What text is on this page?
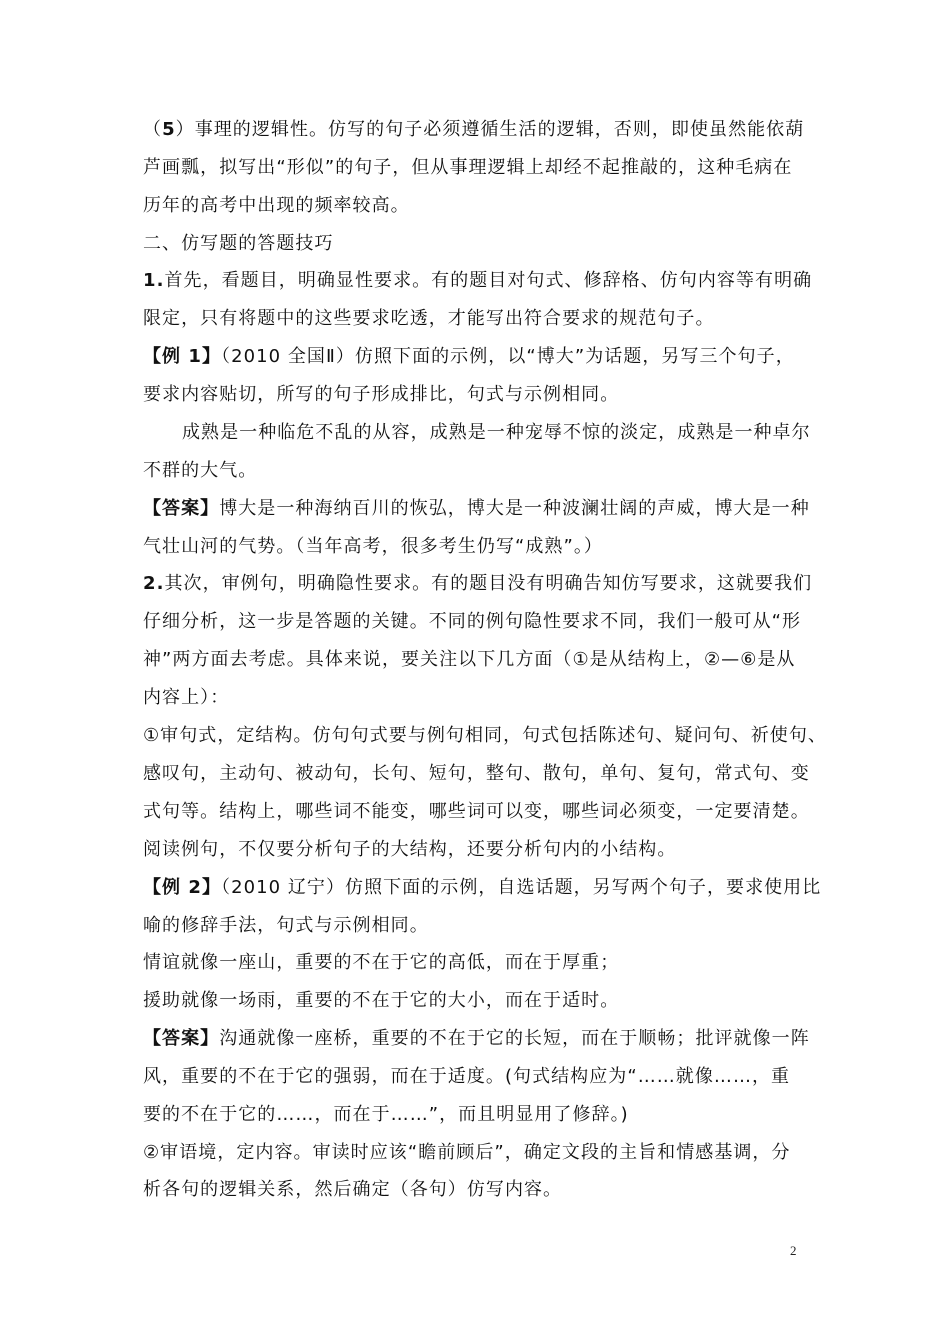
（5）事理的逻辑性。仿写的句子必须遵循生活的逻辑，否则，即使虽然能依葫
芦画瓢，拟写出“形似”的句子，但从事理逻辑上却经不起推敲的，这种毛病在
历年的高考中出现的频率较高。
二、仿写题的答题技巧
1.首先，看题目，明确显性要求。有的题目对句式、修辞格、仿句内容等有明确
限定，只有将题中的这些要求吃透，才能写出符合要求的规范句子。
【例 1】（2010 全国Ⅱ）仿照下面的示例，以“博大”为话题，另写三个句子，
要求内容贴切，所写的句子形成排比，句式与示例相同。
成熟是一种临危不乱的从容，成熟是一种宠辱不惊的淡定，成熟是一种卓尔
不群的大气。
【答案】博大是一种海纳百川的恢弘，博大是一种波澜壮阔的声威，博大是一种
气壮山河的气势。（当年高考，很多考生仍写“成熟”。）
2.其次，审例句，明确隐性要求。有的题目没有明确告知仿写要求，这就要我们
仔细分析，这一步是答题的关键。不同的例句隐性要求不同，我们一般可从“形
神”两方面去考虑。具体来说，要关注以下几方面（①是从结构上，②—⑥是从
内容上）：
①审句式，定结构。仿句句式要与例句相同，句式包括陈述句、疑问句、祈使句、
感叹句，主动句、被动句，长句、短句，整句、散句，单句、复句，常式句、变
式句等。结构上，哪些词不能变，哪些词可以变，哪些词必须变，一定要清楚。
阅读例句，不仅要分析句子的大结构，还要分析句内的小结构。
【例 2】（2010 辽宁）仿照下面的示例，自选话题，另写两个句子，要求使用比
喻的修辞手法，句式与示例相同。
情谊就像一座山，重要的不在于它的高低，而在于厚重；
援助就像一场雨，重要的不在于它的大小，而在于适时。
【答案】沟通就像一座桥，重要的不在于它的长短，而在于顺畅；批评就像一阵
风，重要的不在于它的强弱，而在于适度。(句式结构应为“……就像……，重
要的不在于它的……，而在于……”，而且明显用了修辞。)
②审语境，定内容。审读时应该“瞻前顾后”，确定文段的主旨和情感基调，分
析各句的逻辑关系，然后确定（各句）仿写内容。
2
